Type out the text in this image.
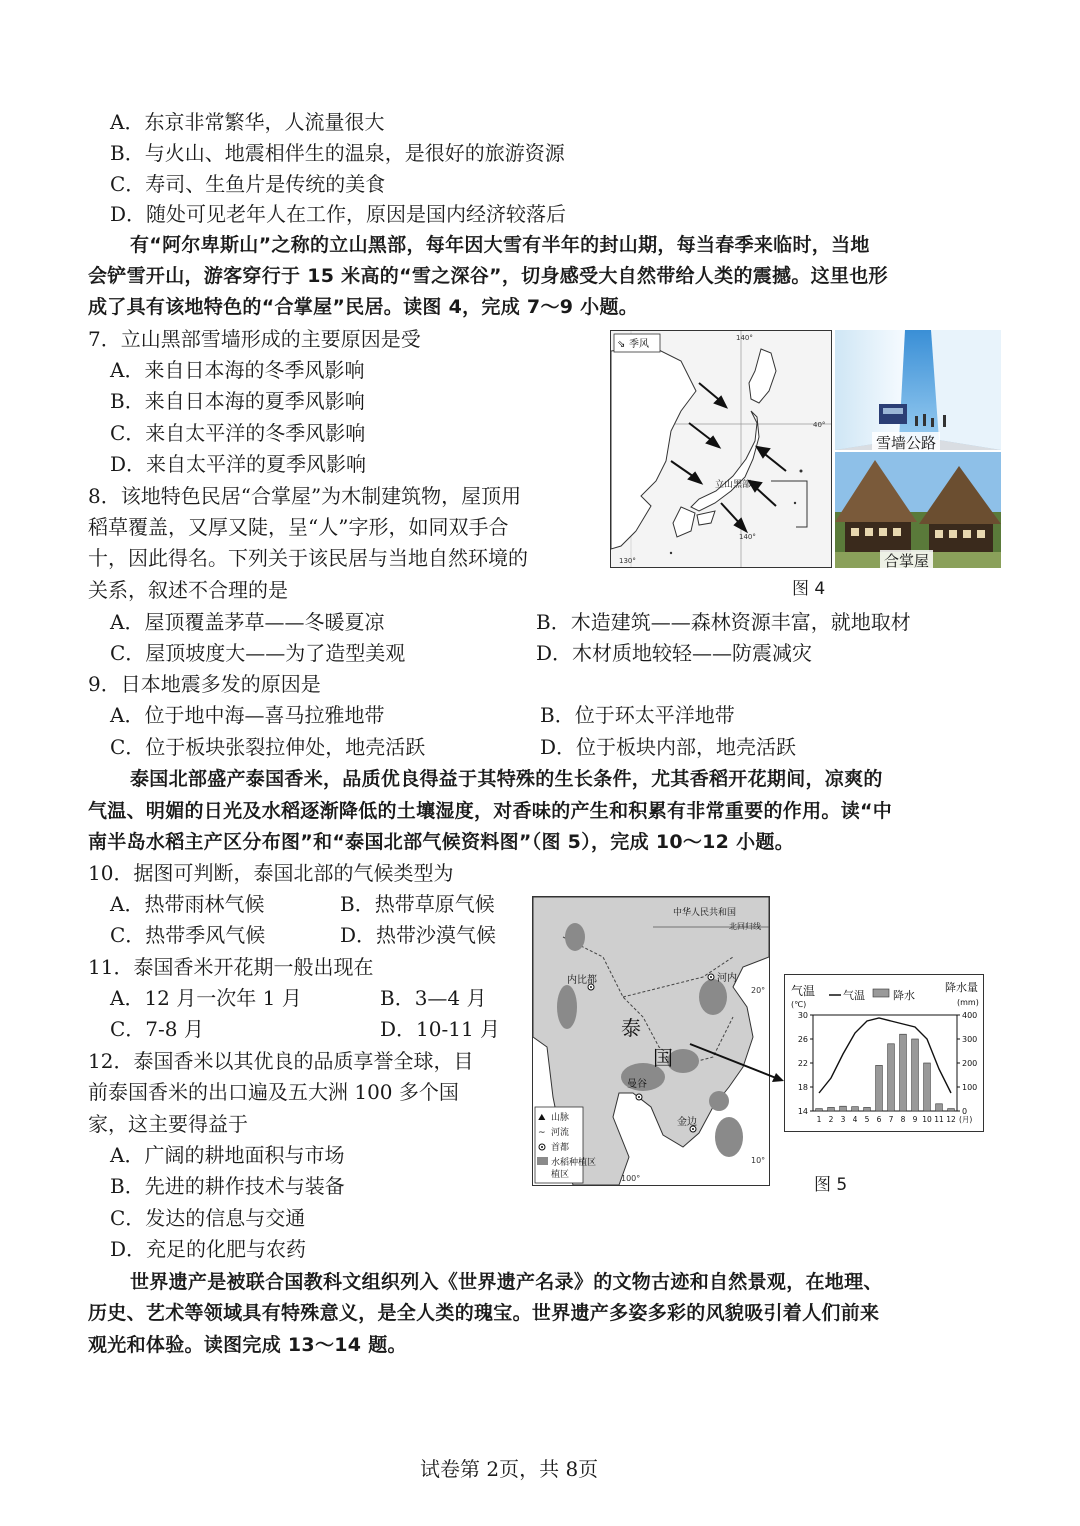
A．东京非常繁华，人流量很大
B．与火山、地震相伴生的温泉，是很好的旅游资源
C．寿司、生鱼片是传统的美食
D．随处可见老年人在工作，原因是国内经济较落后
有“阿尔卑斯山”之称的立山黑部，每年因大雪有半年的封山期，每当春季来临时，当地
会铲雪开山，游客穿行于 15 米高的“雪之深谷”，切身感受大自然带给人类的震撼。这里也形
成了具有该地特色的“合掌屋”民居。读图 4，完成 7～9 小题。
7．立山黑部雪墙形成的主要原因是受
A．来自日本海的冬季风影响
B．来自日本海的夏季风影响
C．来自太平洋的冬季风影响
D．来自太平洋的夏季风影响
8．该地特色民居“合掌屋”为木制建筑物，屋顶用
稻草覆盖，又厚又陡，呈“人”字形，如同双手合
十，因此得名。下列关于该民居与当地自然环境的
关系，叙述不合理的是
A．屋顶覆盖茅草——冬暖夏凉	B．木造建筑——森林资源丰富，就地取材
C．屋顶坡度大——为了造型美观	D．木材质地较轻——防震减灾
9．日本地震多发的原因是
A．位于地中海—喜马拉雅地带	B．位于环太平洋地带
C．位于板块张裂拉伸处，地壳活跃	D．位于板块内部，地壳活跃
泰国北部盛产泰国香米，品质优良得益于其特殊的生长条件，尤其香稻开花期间，凉爽的
气温、明媚的日光及水稻逐渐降低的土壤湿度，对香味的产生和积累有非常重要的作用。读“中
南半岛水稻主产区分布图”和“泰国北部气候资料图”（图 5），完成 10～12 小题。
10．据图可判断，泰国北部的气候类型为
A．热带雨林气候	B．热带草原气候
C．热带季风气候	D．热带沙漠气候
11．泰国香米开花期一般出现在
A．12 月一次年 1 月	B．3—4 月
C．7-8 月	D．10-11 月
12．泰国香米以其优良的品质享誉全球，目
前泰国香米的出口遍及五大洲 100 多个国
家，这主要得益于
A．广阔的耕地面积与市场
B．先进的耕作技术与装备
C．发达的信息与交通
D．充足的化肥与农药
世界遗产是被联合国教科文组织列入《世界遗产名录》的文物古迹和自然景观，在地理、
历史、艺术等领域具有特殊意义，是全人类的瑰宝。世界遗产多姿多彩的风貌吸引着人们前来
观光和体验。读图完成 13～14 题。
试卷第 2页，共 8页
⇘ 季风
立山黑部
140°
130°
140°
40°
雪墙公路
合掌屋
图 4
中华人民共和国
北回归线
内比都	河内
曼谷
金边
泰
国
20°
10°
100°
⛰ 山脉
~ 河流
首都
水稻种植区
植区
气温
(℃)
降水量
(mm)
气温	降水
30
26
22
18
14
400
300
200
100
0
1 2 3 4 5 6 7 8 9 10 11 12 (月)
图 5
